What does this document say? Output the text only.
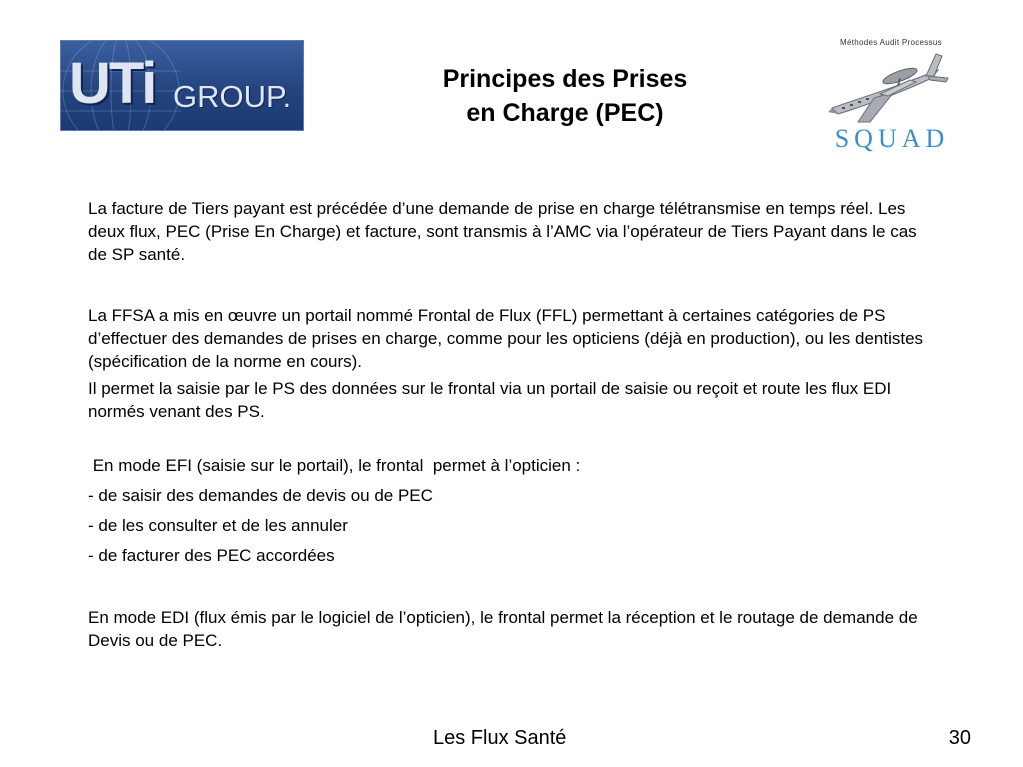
UTi GROUP.	Principes des Prises
en Charge (PEC)
Méthodes Audit Processus
SQUAD

La facture de Tiers payant est précédée d’une demande de prise en charge télétransmise en temps réel. Les deux flux, PEC (Prise En Charge) et facture, sont transmis à l’AMC via l’opérateur de Tiers Payant dans le cas de SP santé.

La FFSA a mis en œuvre un portail nommé Frontal de Flux (FFL) permettant à certaines catégories de PS d’effectuer des demandes de prises en charge, comme pour les opticiens (déjà en production), ou les dentistes (spécification de la norme en cours).

Il permet la saisie par le PS des données sur le frontal via un portail de saisie ou reçoit et route les flux EDI normés venant des PS.

En mode EFI (saisie sur le portail), le frontal  permet à l’opticien :

- de saisir des demandes de devis ou de PEC

- de les consulter et de les annuler

- de facturer des PEC accordées

En mode EDI (flux émis par le logiciel de l’opticien), le frontal permet la réception et le routage de demande de Devis ou de PEC.

Les Flux Santé	30
